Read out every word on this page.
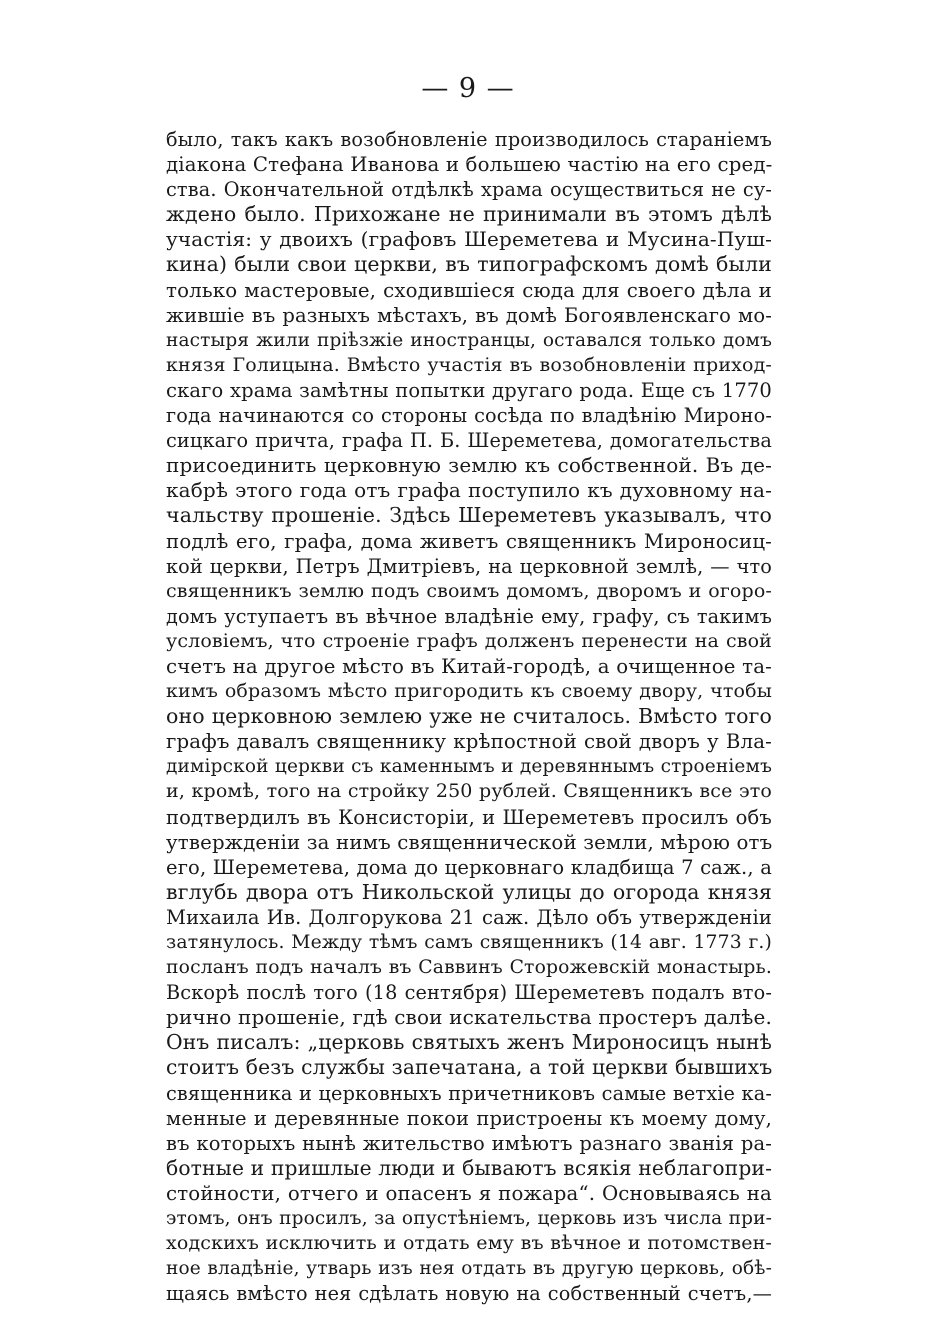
— 9 —
было, такъ какъ возобновленіе производилось стараніемъ
діакона Стефана Иванова и большею частію на его сред-
ства. Окончательной отдѣлкѣ храма осуществиться не су-
ждено было. Прихожане не принимали въ этомъ дѣлѣ
участія: у двоихъ (графовъ Шереметева и Мусина-Пуш-
кина) были свои церкви, въ типографскомъ домѣ были
только мастеровые, сходившіеся сюда для своего дѣла и
жившіе въ разныхъ мѣстахъ, въ домѣ Богоявленскаго мо-
настыря жили пріѣзжіе иностранцы, оставался только домъ
князя Голицына. Вмѣсто участія въ возобновленіи приход-
скаго храма замѣтны попытки другаго рода. Еще съ 1770
года начинаются со стороны сосѣда по владѣнію Мироно-
сицкаго причта, графа П. Б. Шереметева, домогательства
присоединить церковную землю къ собственной. Въ де-
кабрѣ этого года отъ графа поступило къ духовному на-
чальству прошеніе. Здѣсь Шереметевъ указывалъ, что
подлѣ его, графа, дома живетъ священникъ Мироносиц-
кой церкви, Петръ Дмитріевъ, на церковной землѣ, — что
священникъ землю подъ своимъ домомъ, дворомъ и огоро-
домъ уступаетъ въ вѣчное владѣніе ему, графу, съ такимъ
условіемъ, что строеніе графъ долженъ перенести на свой
счетъ на другое мѣсто въ Китай-городѣ, а очищенное та-
кимъ образомъ мѣсто пригородить къ своему двору, чтобы
оно церковною землею уже не считалось. Вмѣсто того
графъ давалъ священнику крѣпостной свой дворъ у Вла-
димірской церкви съ каменнымъ и деревяннымъ строеніемъ
и, кромѣ, того на стройку 250 рублей. Священникъ все это
подтвердилъ въ Консисторіи, и Шереметевъ просилъ объ
утвержденіи за нимъ священнической земли, мѣрою отъ
его, Шереметева, дома до церковнаго кладбища 7 саж., а
вглубь двора отъ Никольской улицы до огорода князя
Михаила Ив. Долгорукова 21 саж. Дѣло объ утвержденіи
затянулось. Между тѣмъ самъ священникъ (14 авг. 1773 г.)
посланъ подъ началъ въ Саввинъ Сторожевскій монастырь.
Вскорѣ послѣ того (18 сентября) Шереметевъ подалъ вто-
рично прошеніе, гдѣ свои искательства простеръ далѣе.
Онъ писалъ: „церковь святыхъ женъ Мироносицъ нынѣ
стоитъ безъ службы запечатана, а той церкви бывшихъ
священника и церковныхъ причетниковъ самые ветхіе ка-
менные и деревянные покои пристроены къ моему дому,
въ которыхъ нынѣ жительство имѣютъ разнаго званія ра-
ботные и пришлые люди и бываютъ всякія неблагопри-
стойности, отчего и опасенъ я пожара“. Основываясь на
этомъ, онъ просилъ, за опустѣніемъ, церковь изъ числа при-
ходскихъ исключить и отдать ему въ вѣчное и потомствен-
ное владѣніе, утварь изъ нея отдать въ другую церковь, обѣ-
щаясь вмѣсто нея сдѣлать новую на собственный счетъ,—
